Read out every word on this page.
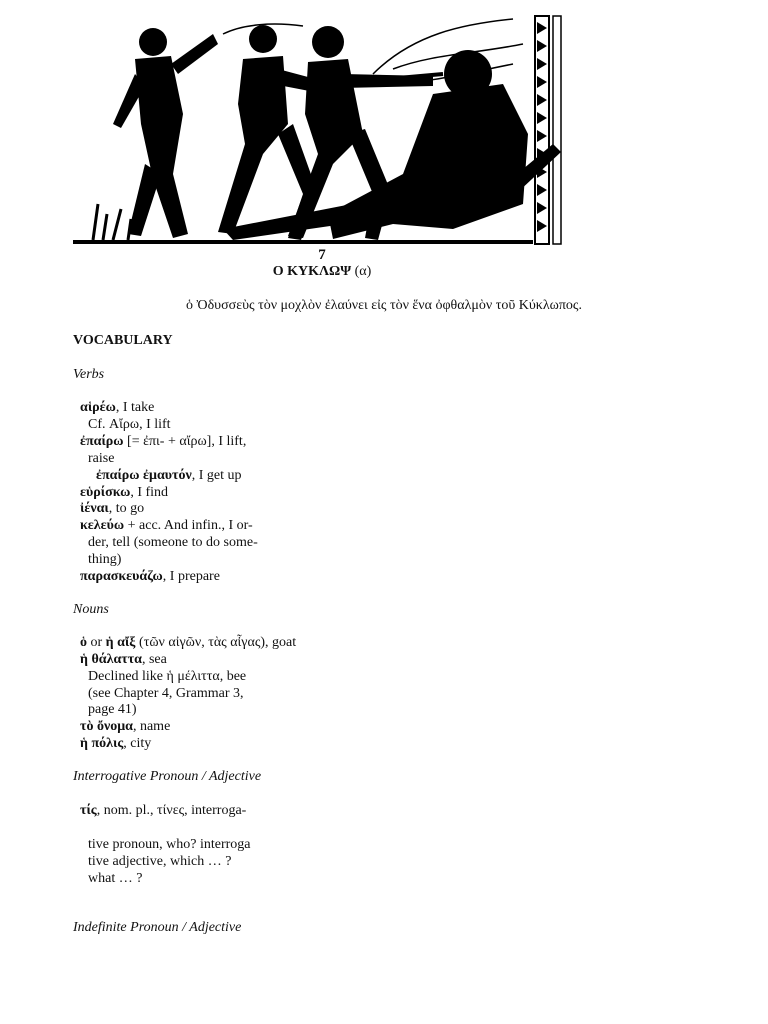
7
Ο ΚΥΚΛΩΨ (α)
ὁ Ὀδυσσεὺς τὸν μοχλὸν ἐλαύνει εἰς τὸν ἕνα ὀφθαλμὸν τοῦ Κύκλωπος.
VOCABULARY
Verbs
αἱρέω, I take
Cf. Αἴρω, I lift
ἐπαίρω [= ἐπι- + αἴρω], I lift,
raise
ἐπαίρω ἐμαυτόν, I get up
εὑρίσκω, I find
ἰέναι, to go
κελεύω + acc. And infin., I or-
der, tell (someone to do some-
thing)
παρασκευάζω, I prepare
Nouns
ὁ or ἡ αἴξ (τῶν αἰγῶν, τὰς αἶγας), goat
ἡ θάλαττα, sea
Declined like ἡ μέλιττα, bee
(see Chapter 4, Grammar 3,
page 41)
τὸ ὄνομα, name
ἡ πόλις, city
Interrogative Pronoun / Adjective
τίς, nom. pl., τίνες, interroga-
tive pronoun, who? interroga
tive adjective, which … ?
what … ?
Indefinite Pronoun / Adjective
